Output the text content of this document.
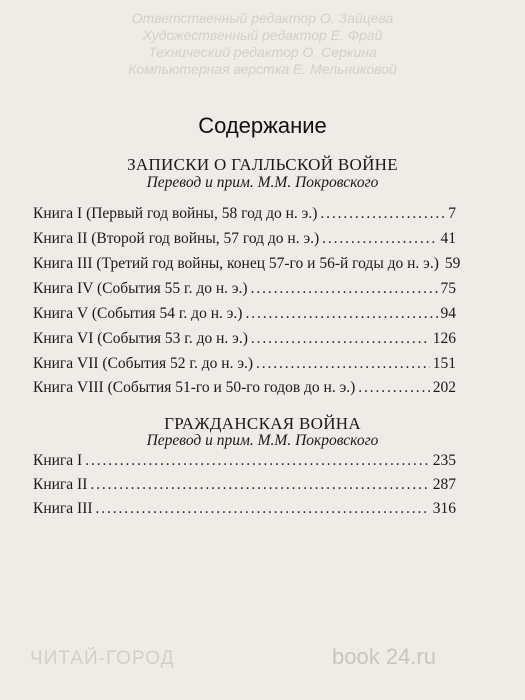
Ответственный редактор О. Зайцева
Художественный редактор Е. Фрай
Технический редактор О. Серкина
Компьютерная верстка Е. Мельниковой
Содержание
ЗАПИСКИ О ГАЛЛЬСКОЙ ВОЙНЕ
Перевод и прим. М.М. Покровского
Книга I (Первый год войны, 58 год до н. э.) . . .	7
Книга II (Второй год войны, 57 год до н. э.) . . .	41
Книга III (Третий год войны, конец 57-го и 56-й годы до н. э.) 59
Книга IV (События 55 г. до н. э.) . . .	75
Книга V (События 54 г. до н. э.) . . .	94
Книга VI (События 53 г. до н. э.) . . .	126
Книга VII (События 52 г. до н. э.) . . .	151
Книга VIII (События 51-го и 50-го годов до н. э.) . . .	202
ГРАЖДАНСКАЯ ВОЙНА
Перевод и прим. М.М. Покровского
Книга I . . .	235
Книга II . . .	287
Книга III . . .	316
ЧИТАЙ-ГОРОД	book 24.ru
